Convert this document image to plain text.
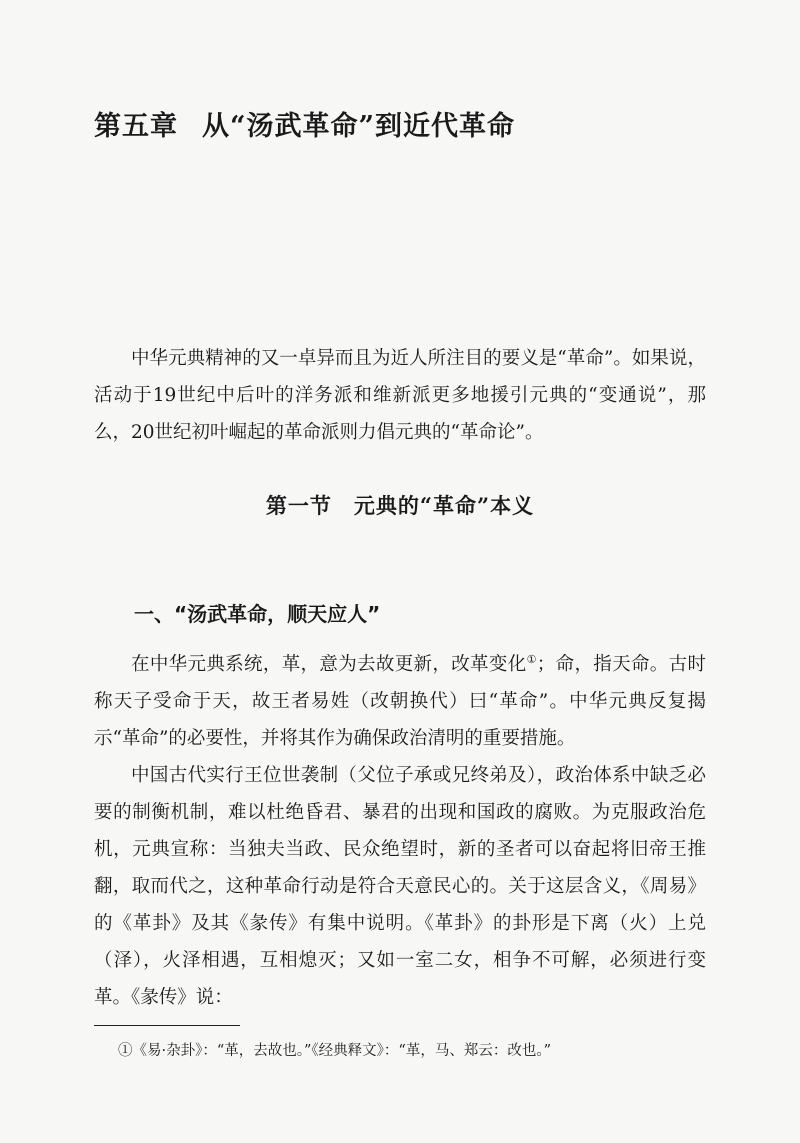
第五章 从“汤武革命”到近代革命

中华元典精神的又一卓异而且为近人所注目的要义是“革命”。如果说，活动于19世纪中后叶的洋务派和维新派更多地援引元典的“变通说”，那么，20世纪初叶崛起的革命派则力倡元典的“革命论”。

第一节 元典的“革命”本义
一、“汤武革命，顺天应人”

在中华元典系统，革，意为去故更新，改革变化①；命，指天命。古时称天子受命于天，故王者易姓（改朝换代）曰“革命”。中华元典反复揭示“革命”的必要性，并将其作为确保政治清明的重要措施。

中国古代实行王位世袭制（父位子承或兄终弟及），政治体系中缺乏必要的制衡机制，难以杜绝昏君、暴君的出现和国政的腐败。为克服政治危机，元典宣称：当独夫当政、民众绝望时，新的圣者可以奋起将旧帝王推翻，取而代之，这种革命行动是符合天意民心的。关于这层含义，《周易》的《革卦》及其《彖传》有集中说明。《革卦》的卦形是下离（火）上兑（泽），火泽相遇，互相熄灭；又如一室二女，相争不可解，必须进行变革。《彖传》说：

①《易·杂卦》：“革，去故也。”《经典释文》：“革，马、郑云：改也。”
